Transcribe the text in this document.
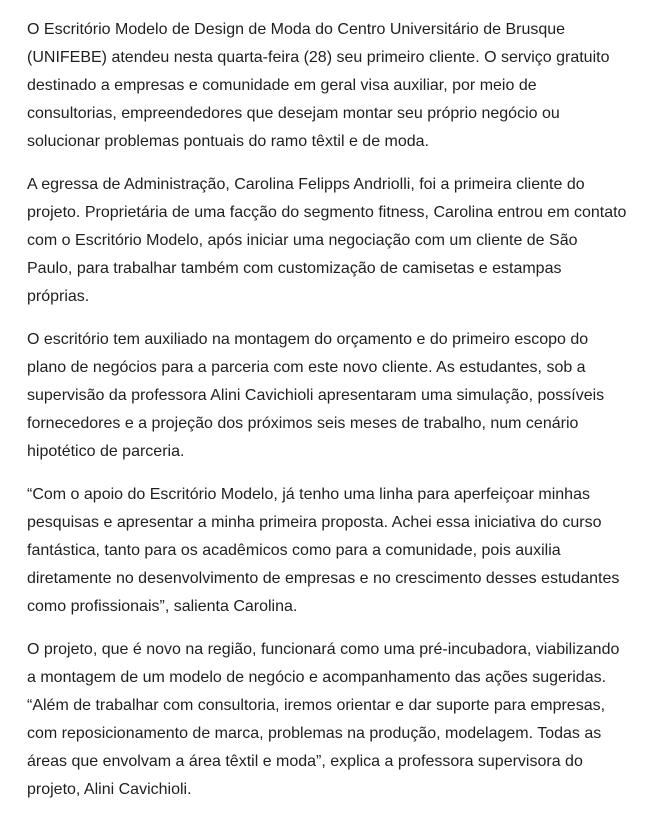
O Escritório Modelo de Design de Moda do Centro Universitário de Brusque (UNIFEBE) atendeu nesta quarta-feira (28) seu primeiro cliente. O serviço gratuito destinado a empresas e comunidade em geral visa auxiliar, por meio de consultorias, empreendedores que desejam montar seu próprio negócio ou solucionar problemas pontuais do ramo têxtil e de moda.

A egressa de Administração, Carolina Felipps Andriolli, foi a primeira cliente do projeto. Proprietária de uma facção do segmento fitness, Carolina entrou em contato com o Escritório Modelo, após iniciar uma negociação com um cliente de São Paulo, para trabalhar também com customização de camisetas e estampas próprias.

O escritório tem auxiliado na montagem do orçamento e do primeiro escopo do plano de negócios para a parceria com este novo cliente. As estudantes, sob a supervisão da professora Alini Cavichioli apresentaram uma simulação, possíveis fornecedores e a projeção dos próximos seis meses de trabalho, num cenário hipotético de parceria.

“Com o apoio do Escritório Modelo, já tenho uma linha para aperfeiçoar minhas pesquisas e apresentar a minha primeira proposta. Achei essa iniciativa do curso fantástica, tanto para os acadêmicos como para a comunidade, pois auxilia diretamente no desenvolvimento de empresas e no crescimento desses estudantes como profissionais”, salienta Carolina.

O projeto, que é novo na região, funcionará como uma pré-incubadora, viabilizando a montagem de um modelo de negócio e acompanhamento das ações sugeridas. “Além de trabalhar com consultoria, iremos orientar e dar suporte para empresas, com reposicionamento de marca, problemas na produção, modelagem. Todas as áreas que envolvam a área têxtil e moda”, explica a professora supervisora do projeto, Alini Cavichioli.
